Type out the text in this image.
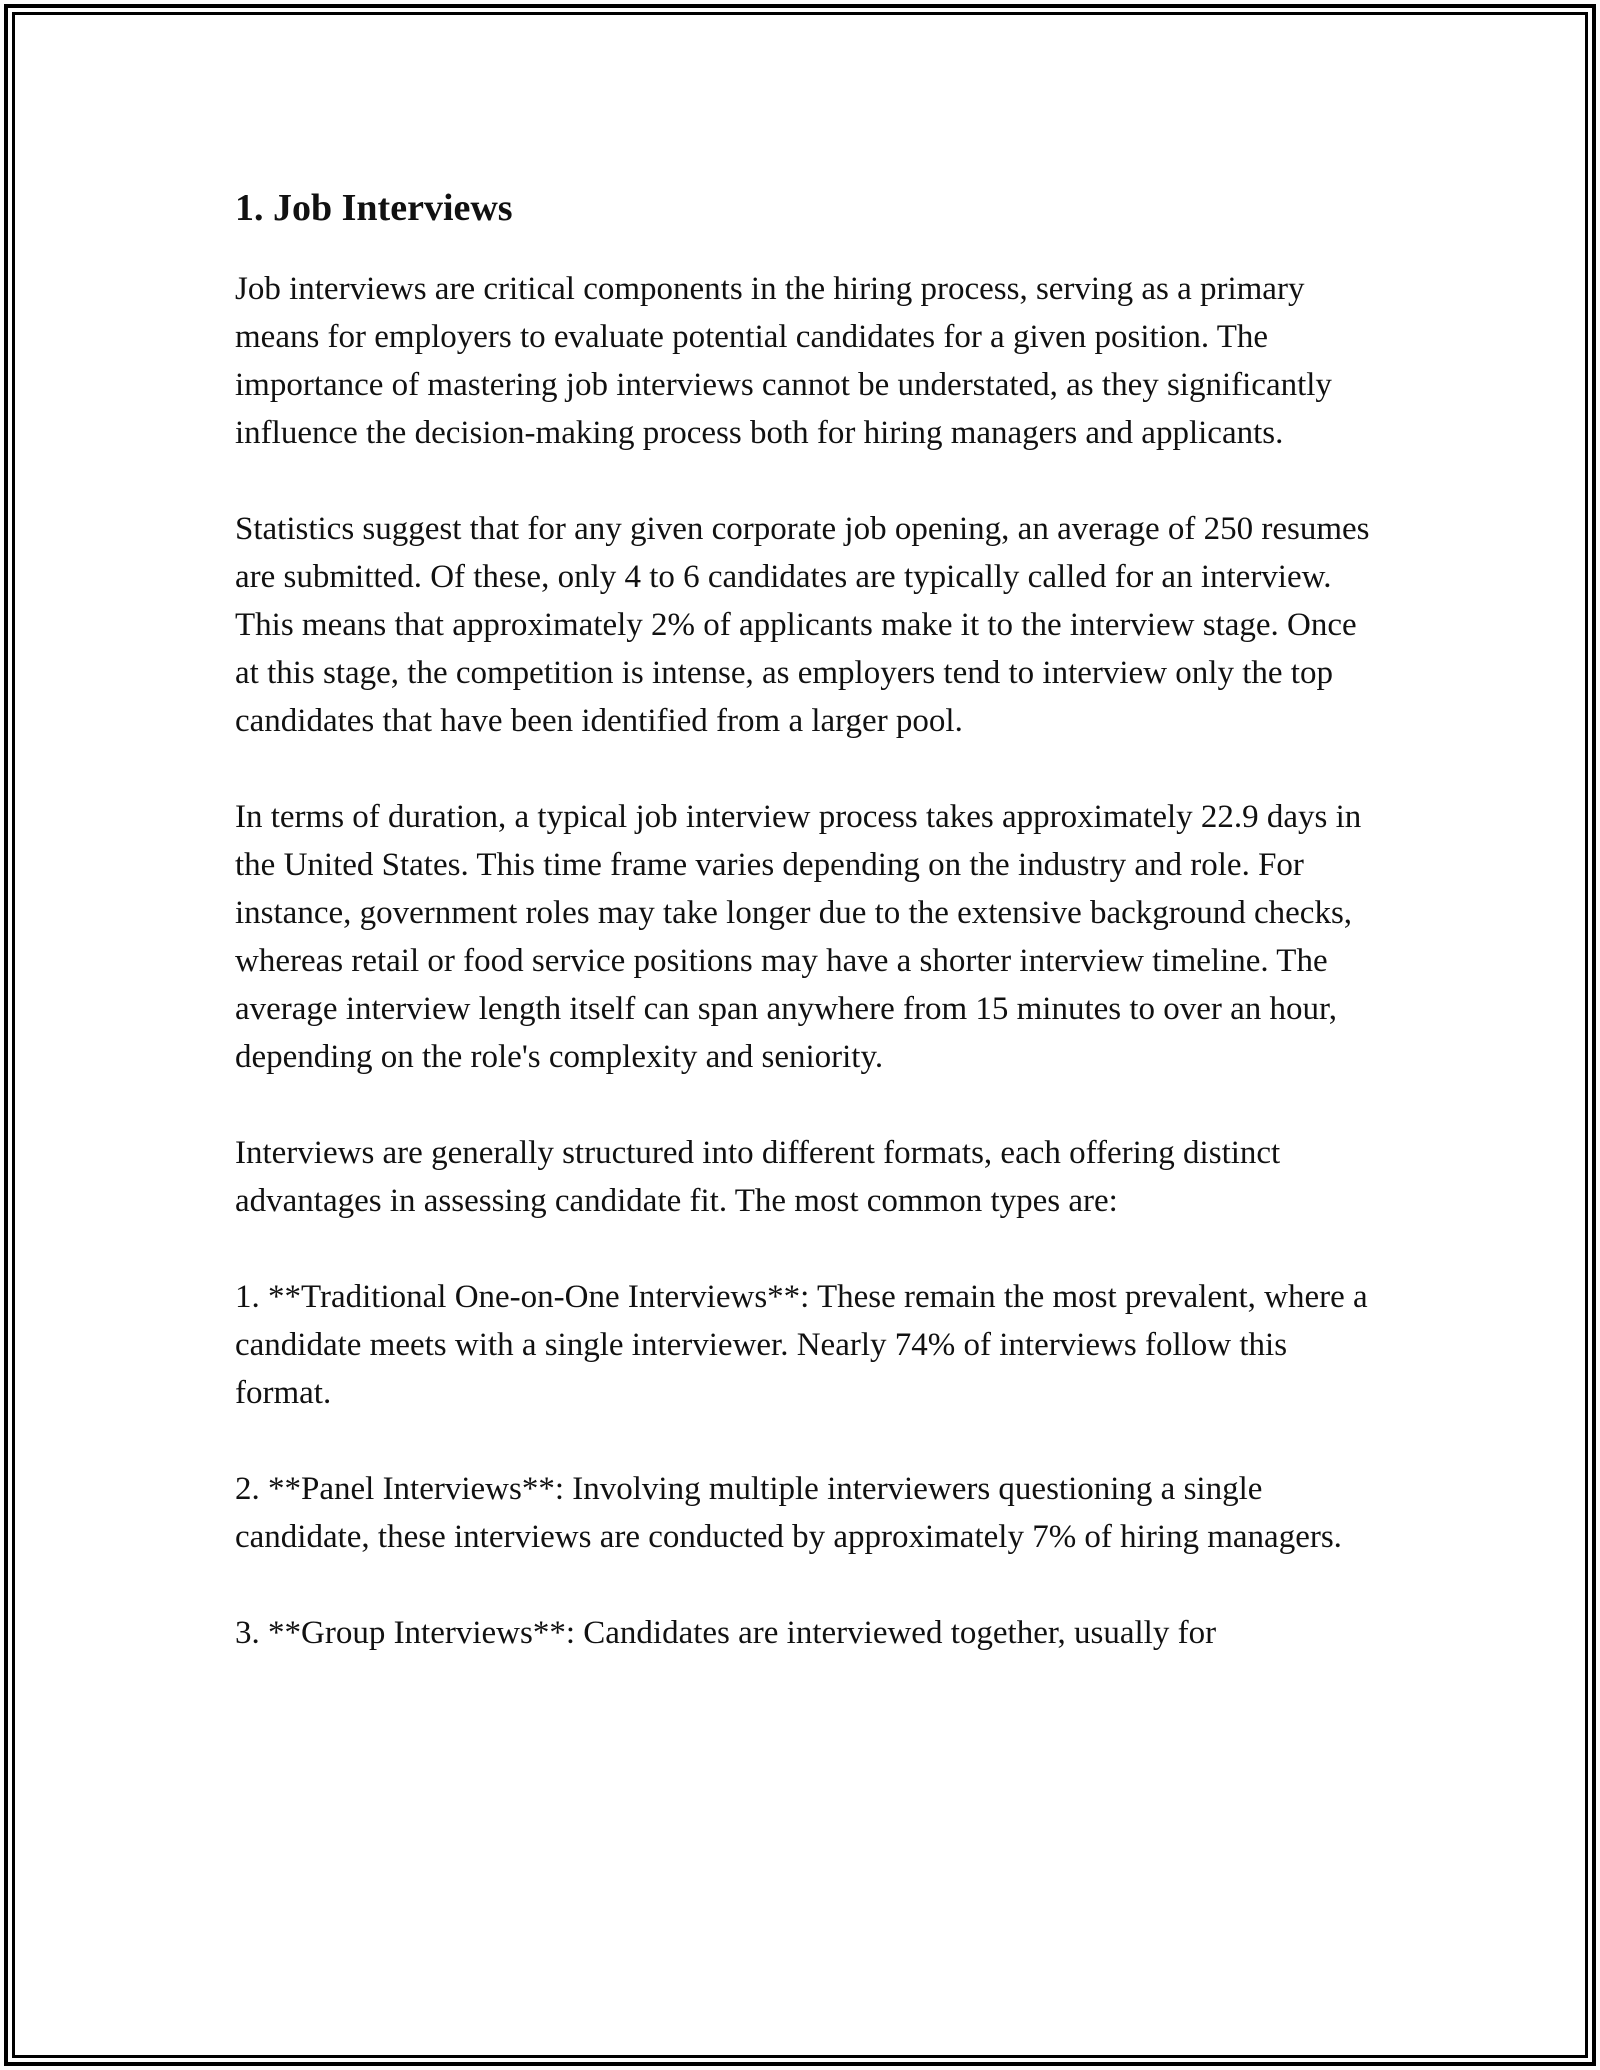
1. Job Interviews

Job interviews are critical components in the hiring process, serving as a primary means for employers to evaluate potential candidates for a given position. The importance of mastering job interviews cannot be understated, as they significantly influence the decision-making process both for hiring managers and applicants.

Statistics suggest that for any given corporate job opening, an average of 250 resumes are submitted. Of these, only 4 to 6 candidates are typically called for an interview. This means that approximately 2% of applicants make it to the interview stage. Once at this stage, the competition is intense, as employers tend to interview only the top candidates that have been identified from a larger pool.

In terms of duration, a typical job interview process takes approximately 22.9 days in the United States. This time frame varies depending on the industry and role. For instance, government roles may take longer due to the extensive background checks, whereas retail or food service positions may have a shorter interview timeline. The average interview length itself can span anywhere from 15 minutes to over an hour, depending on the role's complexity and seniority.

Interviews are generally structured into different formats, each offering distinct advantages in assessing candidate fit. The most common types are:

1. **Traditional One-on-One Interviews**: These remain the most prevalent, where a candidate meets with a single interviewer. Nearly 74% of interviews follow this format.

2. **Panel Interviews**: Involving multiple interviewers questioning a single candidate, these interviews are conducted by approximately 7% of hiring managers.

3. **Group Interviews**: Candidates are interviewed together, usually for
